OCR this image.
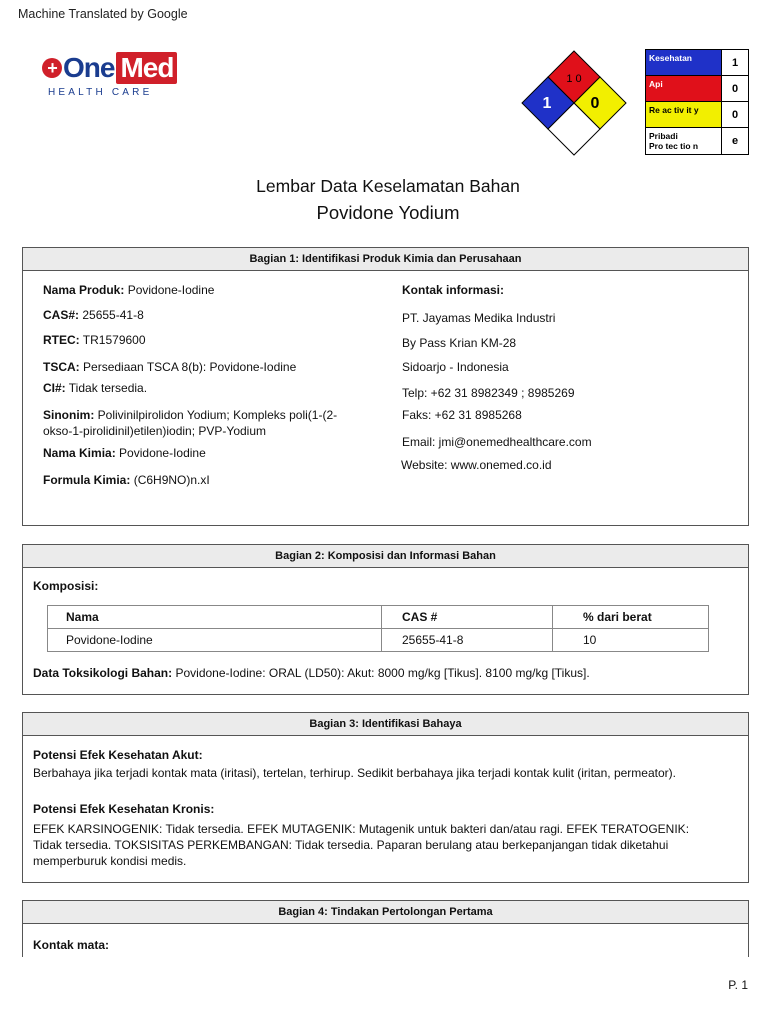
Machine Translated by Google
+ One Med
HEALTH CARE
1 0
1 0
Kesehatan	1
Api	0
Re ac tiv it y	0
Pribadi
Pro tec tio n	e
Lembar Data Keselamatan Bahan
Povidone Yodium
Bagian 1: Identifikasi Produk Kimia dan Perusahaan
Nama Produk: Povidone-Iodine
CAS#: 25655-41-8
RTEC: TR1579600
TSCA: Persediaan TSCA 8(b): Povidone-Iodine
CI#: Tidak tersedia.
Sinonim: Polivinilpirolidon Yodium; Kompleks poli(1-(2-
okso-1-pirolidinil)etilen)iodin; PVP-Yodium
Nama Kimia: Povidone-Iodine
Formula Kimia: (C6H9NO)n.xI
Kontak informasi:
PT. Jayamas Medika Industri
By Pass Krian KM-28
Sidoarjo - Indonesia
Telp: +62 31 8982349 ; 8985269
Faks: +62 31 8985268
Email: jmi@onemedhealthcare.com
Website: www.onemed.co.id
Bagian 2: Komposisi dan Informasi Bahan
Komposisi:
Nama	CAS #	% dari berat
Povidone-Iodine	25655-41-8	10
Data Toksikologi Bahan: Povidone-Iodine: ORAL (LD50): Akut: 8000 mg/kg [Tikus]. 8100 mg/kg [Tikus].
Bagian 3: Identifikasi Bahaya
Potensi Efek Kesehatan Akut:
Berbahaya jika terjadi kontak mata (iritasi), tertelan, terhirup. Sedikit berbahaya jika terjadi kontak kulit (iritan, permeator).
Potensi Efek Kesehatan Kronis:
EFEK KARSINOGENIK: Tidak tersedia. EFEK MUTAGENIK: Mutagenik untuk bakteri dan/atau ragi. EFEK TERATOGENIK:
Tidak tersedia. TOKSISITAS PERKEMBANGAN: Tidak tersedia. Paparan berulang atau berkepanjangan tidak diketahui
memperburuk kondisi medis.
Bagian 4: Tindakan Pertolongan Pertama
Kontak mata:
P. 1
